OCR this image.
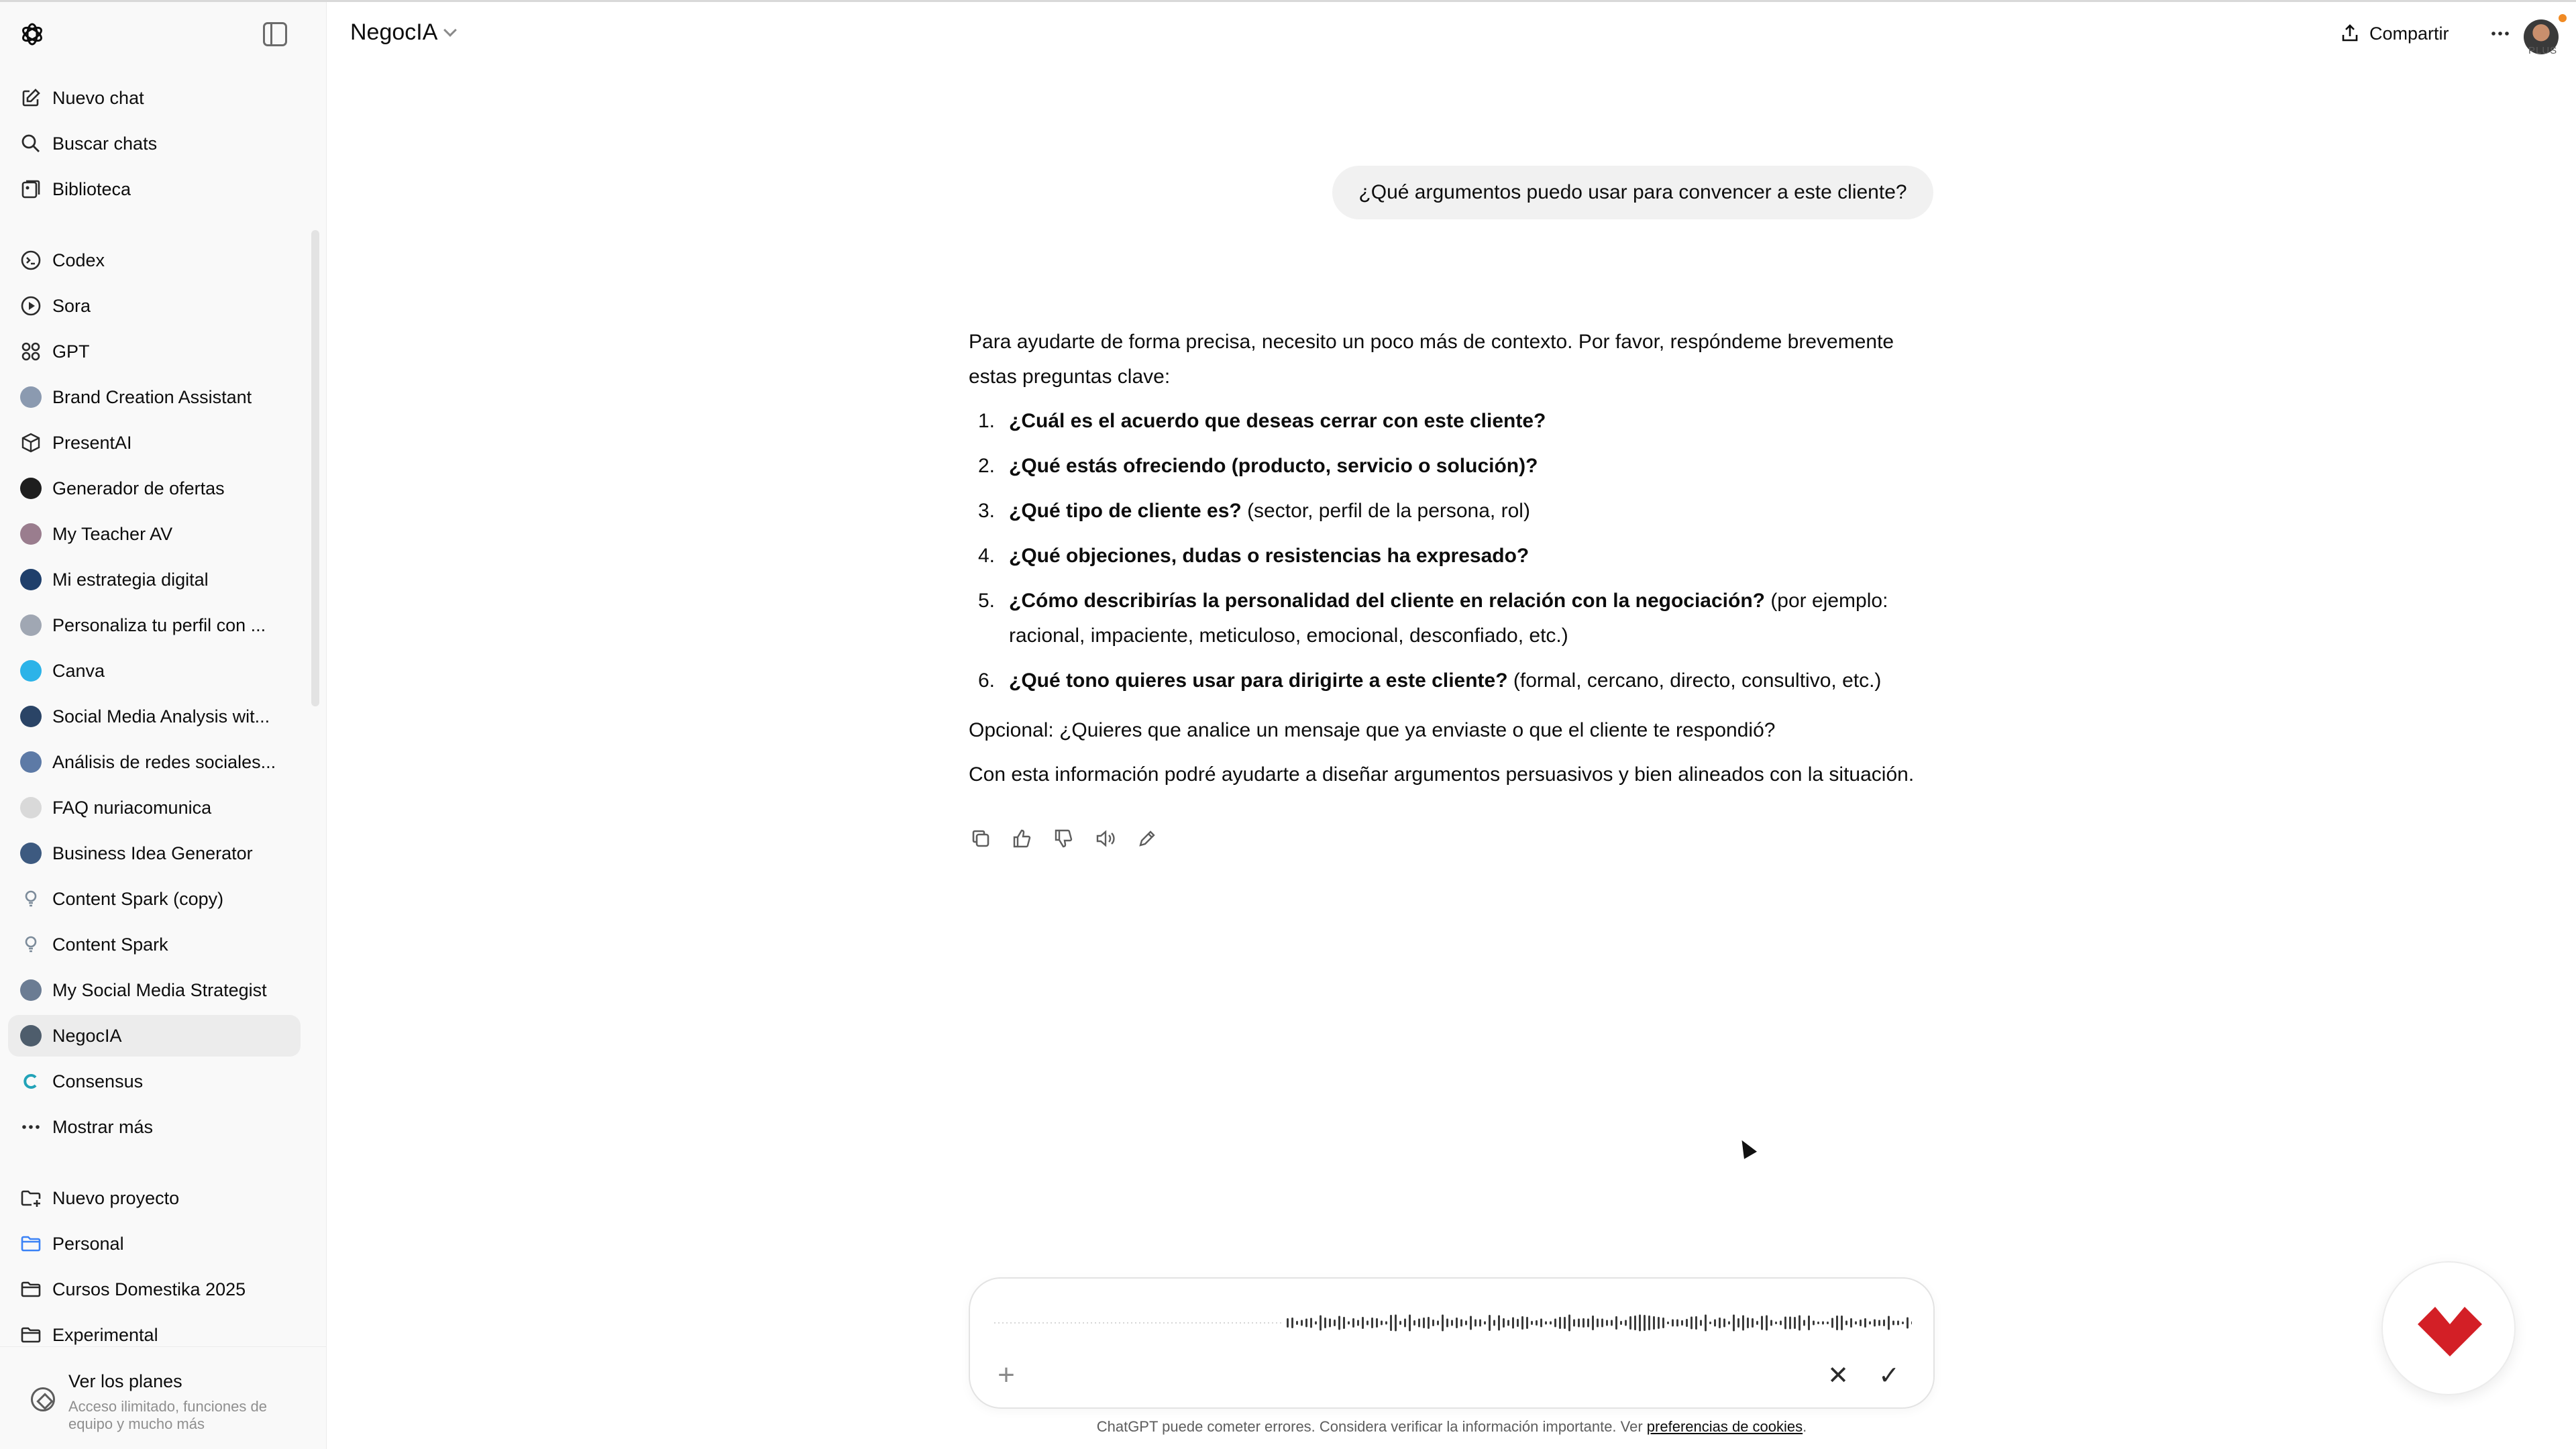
Nuevo chat
Buscar chats
Biblioteca
Codex
Sora
GPT
Brand Creation Assistant
PresentAI
Generador de ofertas
My Teacher AV
Mi estrategia digital
Personaliza tu perfil con ...
Canva
Social Media Analysis wit...
Análisis de redes sociales...
FAQ nuriacomunica
Business Idea Generator
Content Spark (copy)
Content Spark
My Social Media Strategist
NegocIA
Consensus
Mostrar más
Nuevo proyecto
Personal
Cursos Domestika 2025
Experimental
Ver los planes
Acceso ilimitado, funciones de equipo y mucho más
NegocIA	Compartir
PLUS
¿Qué argumentos puedo usar para convencer a este cliente?

Para ayudarte de forma precisa, necesito un poco más de contexto. Por favor, respóndeme brevemente estas preguntas clave:

1. ¿Cuál es el acuerdo que deseas cerrar con este cliente?
2. ¿Qué estás ofreciendo (producto, servicio o solución)?
3. ¿Qué tipo de cliente es? (sector, perfil de la persona, rol)
4. ¿Qué objeciones, dudas o resistencias ha expresado?
5. ¿Cómo describirías la personalidad del cliente en relación con la negociación? (por ejemplo: racional, impaciente, meticuloso, emocional, desconfiado, etc.)
6. ¿Qué tono quieres usar para dirigirte a este cliente? (formal, cercano, directo, consultivo, etc.)

Opcional: ¿Quieres que analice un mensaje que ya enviaste o que el cliente te respondió?

Con esta información podré ayudarte a diseñar argumentos persuasivos y bien alineados con la situación.

+	✕ ✓
ChatGPT puede cometer errores. Considera verificar la información importante. Ver preferencias de cookies.
